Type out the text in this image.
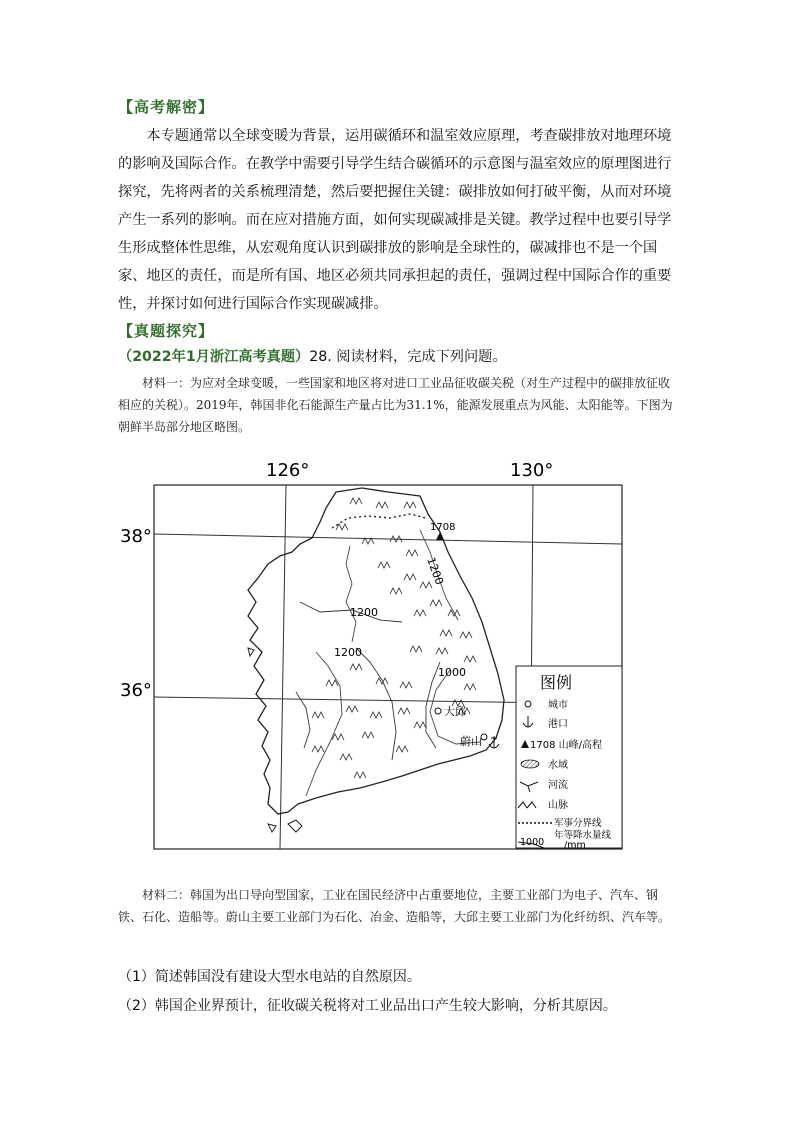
【高考解密】

本专题通常以全球变暖为背景，运用碳循环和温室效应原理，考查碳排放对地理环境的影响及国际合作。在教学中需要引导学生结合碳循环的示意图与温室效应的原理图进行探究，先将两者的关系梳理清楚，然后要把握住关键：碳排放如何打破平衡，从而对环境产生一系列的影响。而在应对措施方面，如何实现碳减排是关键。教学过程中也要引导学生形成整体性思维，从宏观角度认识到碳排放的影响是全球性的，碳减排也不是一个国家、地区的责任，而是所有国、地区必须共同承担起的责任，强调过程中国际合作的重要性，并探讨如何进行国际合作实现碳减排。

【真题探究】
（2022年1月浙江高考真题）28. 阅读材料，完成下列问题。

材料一：为应对全球变暖，一些国家和地区将对进口工业品征收碳关税（对生产过程中的碳排放征收相应的关税）。2019年，韩国非化石能源生产量占比为31.1%，能源发展重点为风能、太阳能等。下图为朝鲜半岛部分地区略图。

126°	130°
38°
36°
1200
1200
1200
1000
1708
大邱
蔚山
图例
城市
港口
1708 山峰/高程
水域
河流
山脉
军事分界线
年等降水量线
1000 /mm

材料二：韩国为出口导向型国家，工业在国民经济中占重要地位，主要工业部门为电子、汽车、钢铁、石化、造船等。蔚山主要工业部门为石化、冶金、造船等，大邱主要工业部门为化纤纺织、汽车等。

（1）简述韩国没有建设大型水电站的自然原因。
（2）韩国企业界预计，征收碳关税将对工业品出口产生较大影响，分析其原因。
